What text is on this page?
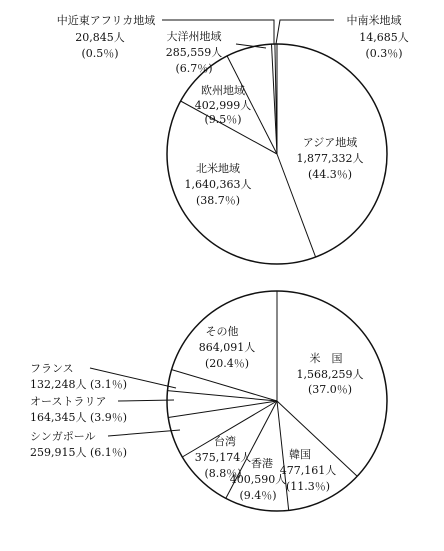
アジア地域
1,877,332人
(44.3％)
北米地域
1,640,363人
(38.7％)
欧州地域
402,999人
(9.5％)
大洋州地域
285,559人
(6.7％)
中近東アフリカ地域
20,845人
(0.5％)
中南米地域
14,685人
(0.3％)
米　国
1,568,259人
(37.0％)
韓国
477,161人
(11.3％)
香港
400,590人
(9.4％)
台湾
375,174人
(8.8％)
その他
864,091人
(20.4％)
フランス
132,248人 (3.1％)
オーストラリア
164,345人 (3.9％)
シンガポール
259,915人 (6.1％)
